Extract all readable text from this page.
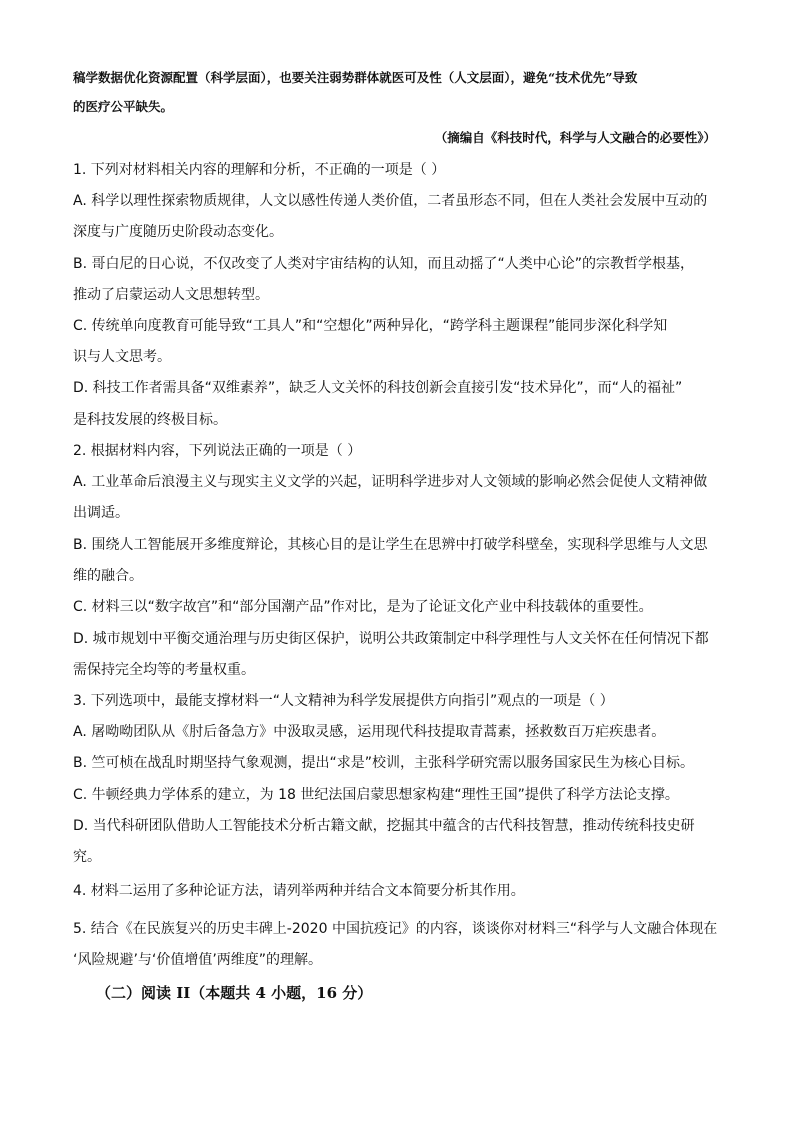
稿学数据优化资源配置（科学层面），也要关注弱势群体就医可及性（人文层面），避免“技术优先”导致
的医疗公平缺失。
（摘编自《科技时代，科学与人文融合的必要性》）
1. 下列对材料相关内容的理解和分析，不正确的一项是（ ）
A. 科学以理性探索物质规律，人文以感性传递人类价值，二者虽形态不同，但在人类社会发展中互动的
深度与广度随历史阶段动态变化。
B. 哥白尼的日心说，不仅改变了人类对宇宙结构的认知，而且动摇了“人类中心论”的宗教哲学根基，
推动了启蒙运动人文思想转型。
C. 传统单向度教育可能导致“工具人”和“空想化”两种异化，“跨学科主题课程”能同步深化科学知
识与人文思考。
D. 科技工作者需具备“双维素养”，缺乏人文关怀的科技创新会直接引发“技术异化”，而“人的福祉”
是科技发展的终极目标。
2. 根据材料内容，下列说法正确的一项是（ ）
A. 工业革命后浪漫主义与现实主义文学的兴起，证明科学进步对人文领域的影响必然会促使人文精神做
出调适。
B. 围绕人工智能展开多维度辩论，其核心目的是让学生在思辨中打破学科壁垒，实现科学思维与人文思
维的融合。
C. 材料三以“数字故宫”和“部分国潮产品”作对比，是为了论证文化产业中科技载体的重要性。
D. 城市规划中平衡交通治理与历史街区保护，说明公共政策制定中科学理性与人文关怀在任何情况下都
需保持完全均等的考量权重。
3. 下列选项中，最能支撑材料一“人文精神为科学发展提供方向指引”观点的一项是（ ）
A. 屠呦呦团队从《肘后备急方》中汲取灵感，运用现代科技提取青蒿素，拯救数百万疟疾患者。
B. 竺可桢在战乱时期坚持气象观测，提出“求是”校训，主张科学研究需以服务国家民生为核心目标。
C. 牛顿经典力学体系的建立，为 18 世纪法国启蒙思想家构建“理性王国”提供了科学方法论支撑。
D. 当代科研团队借助人工智能技术分析古籍文献，挖掘其中蕴含的古代科技智慧，推动传统科技史研
究。
4. 材料二运用了多种论证方法，请列举两种并结合文本简要分析其作用。
5. 结合《在民族复兴的历史丰碑上-2020 中国抗疫记》的内容，谈谈你对材料三“科学与人文融合体现在
‘风险规避’与‘价值增值’两维度”的理解。
（二）阅读 II（本题共 4 小题，16 分）
